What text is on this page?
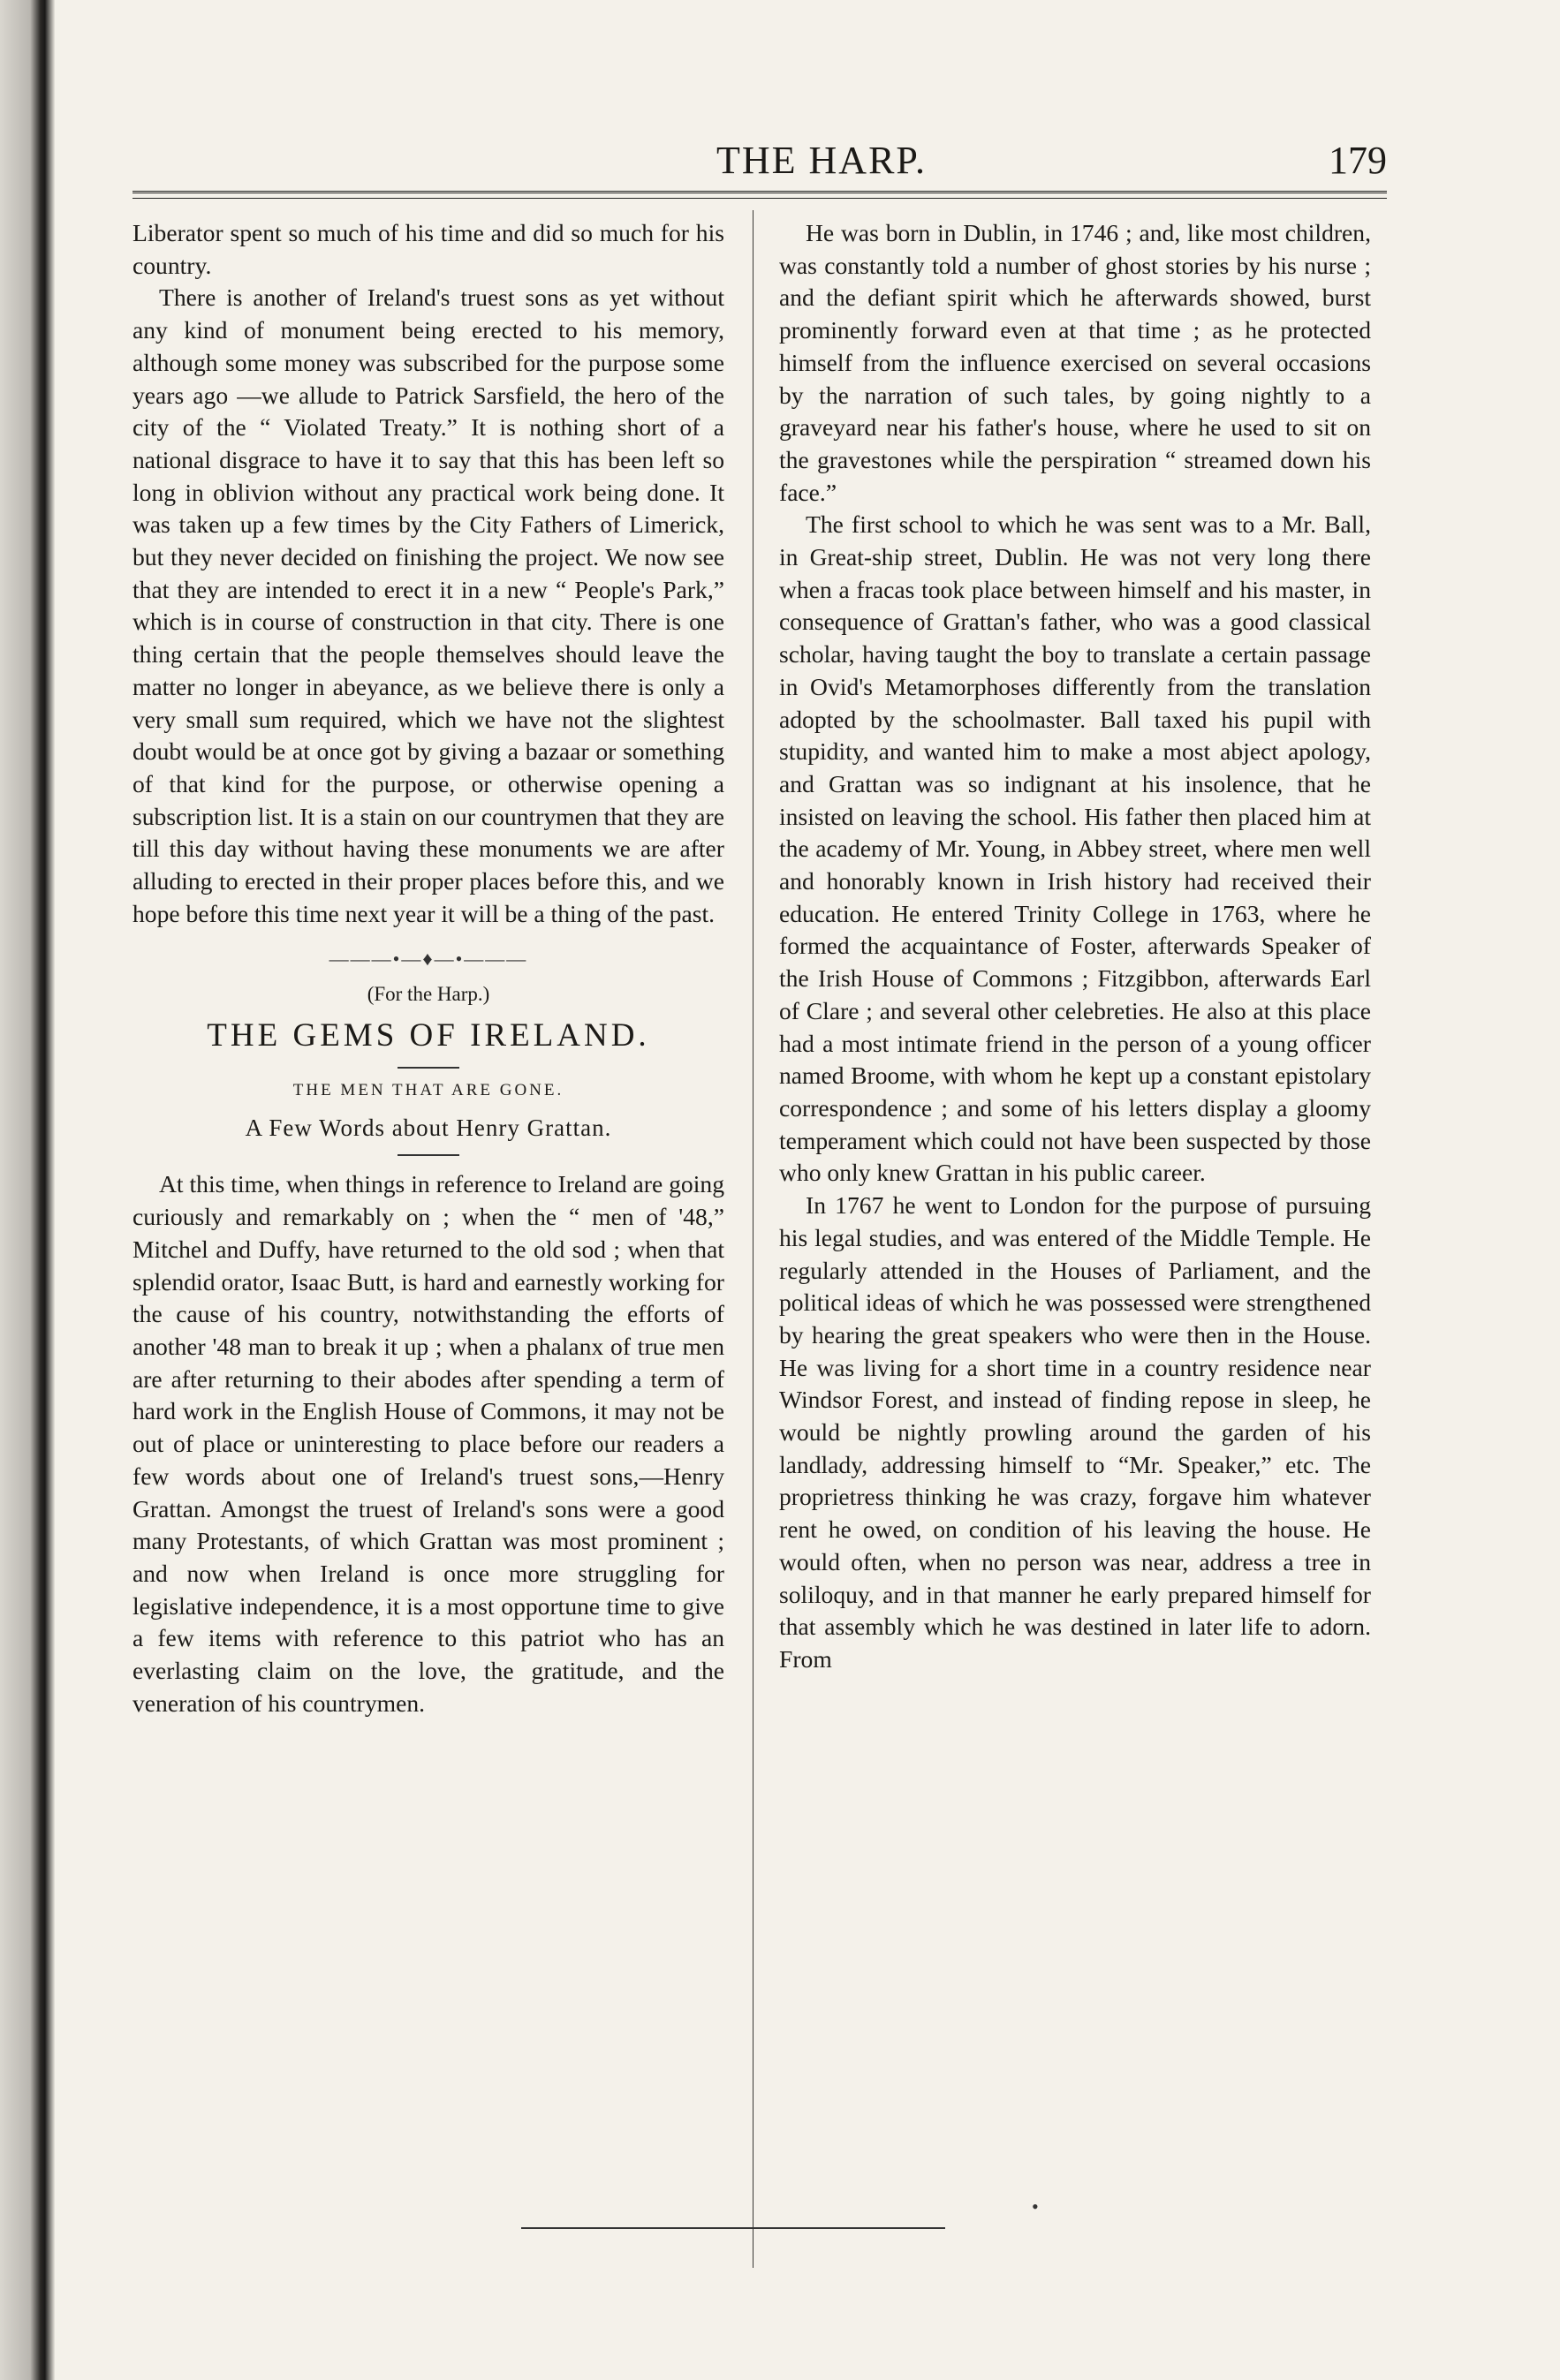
THE HARP.	179

Liberator spent so much of his time and did so much for his country.

There is another of Ireland's truest sons as yet without any kind of monument being erected to his memory, although some money was subscribed for the purpose some years ago —we allude to Patrick Sarsfield, the hero of the city of the “ Violated Treaty.” It is nothing short of a national disgrace to have it to say that this has been left so long in oblivion without any practical work being done. It was taken up a few times by the City Fathers of Limerick, but they never decided on finishing the project. We now see that they are intended to erect it in a new “ People's Park,” which is in course of construction in that city. There is one thing certain that the people themselves should leave the matter no longer in abeyance, as we believe there is only a very small sum required, which we have not the slightest doubt would be at once got by giving a bazaar or something of that kind for the purpose, or otherwise opening a subscription list. It is a stain on our countrymen that they are till this day without having these monuments we are after alluding to erected in their proper places before this, and we hope before this time next year it will be a thing of the past.

———•—♦—•———
(For the Harp.)
THE GEMS OF IRELAND.
THE MEN THAT ARE GONE.
A Few Words about Henry Grattan.

At this time, when things in reference to Ireland are going curiously and remarkably on ; when the “ men of '48,” Mitchel and Duffy, have returned to the old sod ; when that splendid orator, Isaac Butt, is hard and earnestly working for the cause of his country, notwithstanding the efforts of another '48 man to break it up ; when a phalanx of true men are after returning to their abodes after spending a term of hard work in the English House of Commons, it may not be out of place or uninteresting to place before our readers a few words about one of Ireland's truest sons,—Henry Grattan. Amongst the truest of Ireland's sons were a good many Protestants, of which Grattan was most prominent ; and now when Ireland is once more struggling for legislative independence, it is a most opportune time to give a few items with reference to this patriot who has an everlasting claim on the love, the gratitude, and the veneration of his countrymen.

He was born in Dublin, in 1746 ; and, like most children, was constantly told a number of ghost stories by his nurse ; and the defiant spirit which he afterwards showed, burst prominently forward even at that time ; as he protected himself from the influence exercised on several occasions by the narration of such tales, by going nightly to a graveyard near his father's house, where he used to sit on the gravestones while the perspiration “ streamed down his face.”

The first school to which he was sent was to a Mr. Ball, in Great-ship street, Dublin. He was not very long there when a fracas took place between himself and his master, in consequence of Grattan's father, who was a good classical scholar, having taught the boy to translate a certain passage in Ovid's Metamorphoses differently from the translation adopted by the schoolmaster. Ball taxed his pupil with stupidity, and wanted him to make a most abject apology, and Grattan was so indignant at his insolence, that he insisted on leaving the school. His father then placed him at the academy of Mr. Young, in Abbey street, where men well and honorably known in Irish history had received their education. He entered Trinity College in 1763, where he formed the acquaintance of Foster, afterwards Speaker of the Irish House of Commons ; Fitzgibbon, afterwards Earl of Clare ; and several other celebreties. He also at this place had a most intimate friend in the person of a young officer named Broome, with whom he kept up a constant epistolary correspondence ; and some of his letters display a gloomy temperament which could not have been suspected by those who only knew Grattan in his public career.

In 1767 he went to London for the purpose of pursuing his legal studies, and was entered of the Middle Temple. He regularly attended in the Houses of Parliament, and the political ideas of which he was possessed were strengthened by hearing the great speakers who were then in the House. He was living for a short time in a country residence near Windsor Forest, and instead of finding repose in sleep, he would be nightly prowling around the garden of his landlady, addressing himself to “Mr. Speaker,” etc. The proprietress thinking he was crazy, forgave him whatever rent he owed, on condition of his leaving the house. He would often, when no person was near, address a tree in soliloquy, and in that manner he early prepared himself for that assembly which he was destined in later life to adorn. From

•
